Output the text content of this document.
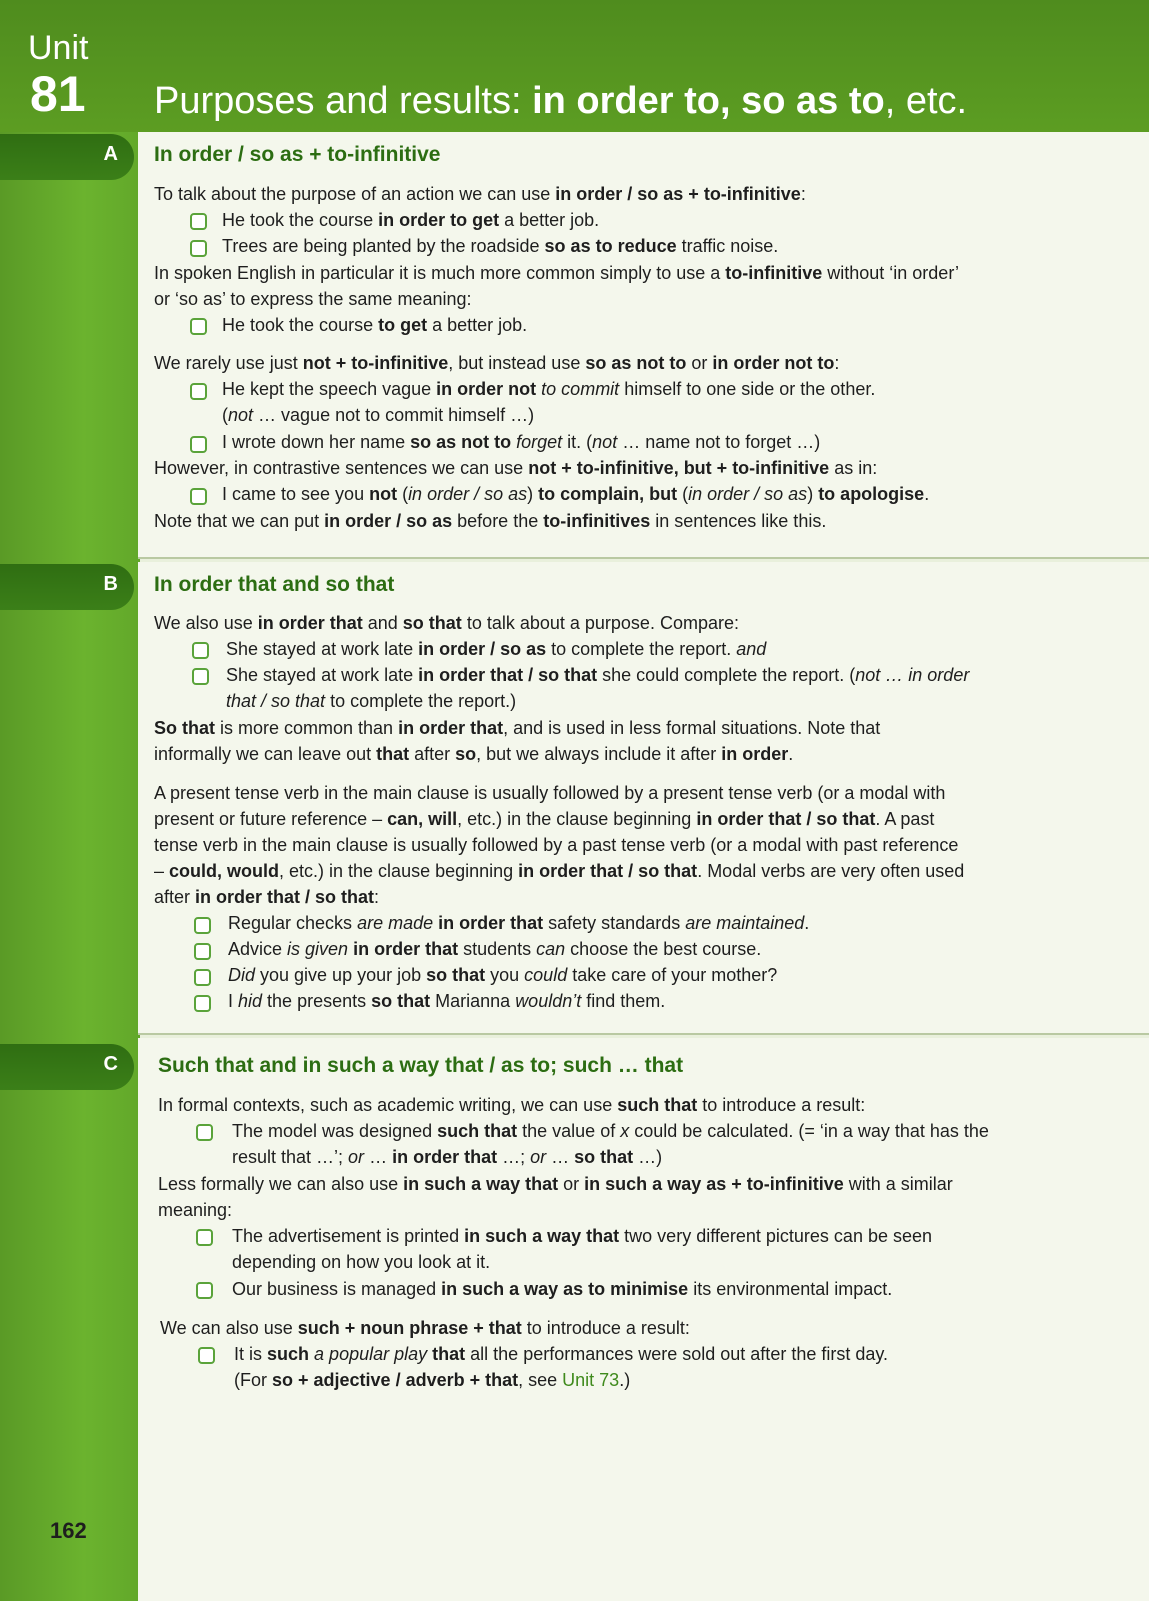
Unit
81	Purposes and results: in order to, so as to, etc.
A In order / so as + to-infinitive
To talk about the purpose of an action we can use in order / so as + to-infinitive:
He took the course in order to get a better job.
Trees are being planted by the roadside so as to reduce traffic noise.
In spoken English in particular it is much more common simply to use a to-infinitive without ‘in order’
or ‘so as’ to express the same meaning:
He took the course to get a better job.
We rarely use just not + to-infinitive, but instead use so as not to or in order not to:
He kept the speech vague in order not to commit himself to one side or the other.
(not … vague not to commit himself …)
I wrote down her name so as not to forget it. (not … name not to forget …)
However, in contrastive sentences we can use not + to-infinitive, but + to-infinitive as in:
I came to see you not (in order / so as) to complain, but (in order / so as) to apologise.
Note that we can put in order / so as before the to-infinitives in sentences like this.
B In order that and so that
We also use in order that and so that to talk about a purpose. Compare:
She stayed at work late in order / so as to complete the report. and
She stayed at work late in order that / so that she could complete the report. (not … in order
that / so that to complete the report.)
So that is more common than in order that, and is used in less formal situations. Note that
informally we can leave out that after so, but we always include it after in order.
A present tense verb in the main clause is usually followed by a present tense verb (or a modal with
present or future reference – can, will, etc.) in the clause beginning in order that / so that. A past
tense verb in the main clause is usually followed by a past tense verb (or a modal with past reference
– could, would, etc.) in the clause beginning in order that / so that. Modal verbs are very often used
after in order that / so that:
Regular checks are made in order that safety standards are maintained.
Advice is given in order that students can choose the best course.
Did you give up your job so that you could take care of your mother?
I hid the presents so that Marianna wouldn’t find them.
C Such that and in such a way that / as to; such … that
In formal contexts, such as academic writing, we can use such that to introduce a result:
The model was designed such that the value of x could be calculated. (= ‘in a way that has the
result that …’; or … in order that …; or … so that …)
Less formally we can also use in such a way that or in such a way as + to-infinitive with a similar
meaning:
The advertisement is printed in such a way that two very different pictures can be seen
depending on how you look at it.
Our business is managed in such a way as to minimise its environmental impact.
We can also use such + noun phrase + that to introduce a result:
It is such a popular play that all the performances were sold out after the first day.
(For so + adjective / adverb + that, see Unit 73.)
162
